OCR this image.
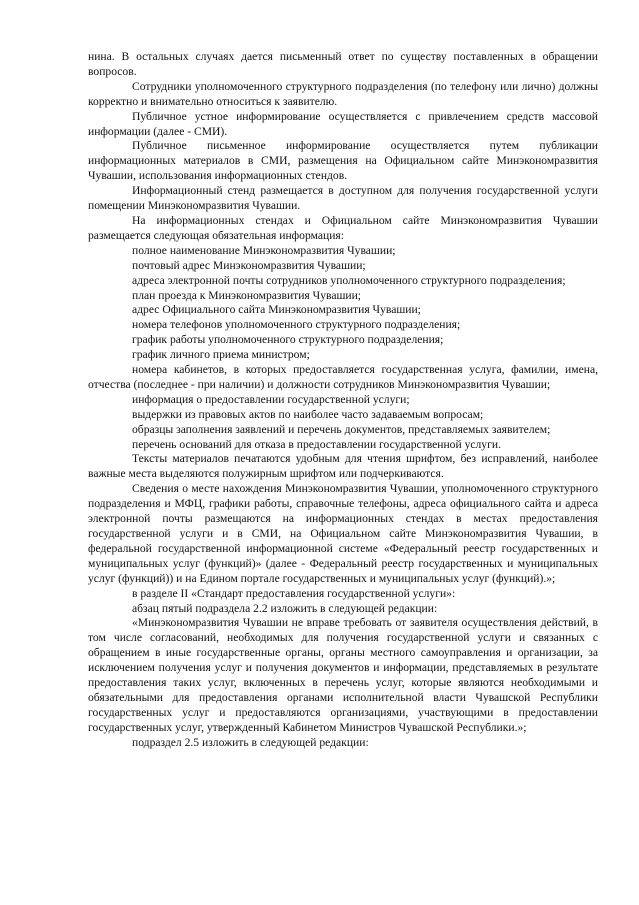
нина. В остальных случаях дается письменный ответ по существу поставленных в обращении вопросов.

Сотрудники уполномоченного структурного подразделения (по телефону или лично) должны корректно и внимательно относиться к заявителю.

Публичное устное информирование осуществляется с привлечением средств массовой информации (далее - СМИ).

Публичное письменное информирование осуществляется путем публикации информационных материалов в СМИ, размещения на Официальном сайте Минэкономразвития Чувашии, использования информационных стендов.

Информационный стенд размещается в доступном для получения государственной услуги помещении Минэкономразвития Чувашии.

На информационных стендах и Официальном сайте Минэкономразвития Чувашии размещается следующая обязательная информация:

полное наименование Минэкономразвития Чувашии;

почтовый адрес Минэкономразвития Чувашии;

адреса электронной почты сотрудников уполномоченного структурного подразделения;

план проезда к Минэкономразвития Чувашии;

адрес Официального сайта Минэкономразвития Чувашии;

номера телефонов уполномоченного структурного подразделения;

график работы уполномоченного структурного подразделения;

график личного приема министром;

номера кабинетов, в которых предоставляется государственная услуга, фамилии, имена, отчества (последнее - при наличии) и должности сотрудников Минэкономразвития Чувашии;

информация о предоставлении государственной услуги;

выдержки из правовых актов по наиболее часто задаваемым вопросам;

образцы заполнения заявлений и перечень документов, представляемых заявителем;

перечень оснований для отказа в предоставлении государственной услуги.

Тексты материалов печатаются удобным для чтения шрифтом, без исправлений, наиболее важные места выделяются полужирным шрифтом или подчеркиваются.

Сведения о месте нахождения Минэкономразвития Чувашии, уполномоченного структурного подразделения и МФЦ, графики работы, справочные телефоны, адреса официального сайта и адреса электронной почты размещаются на информационных стендах в местах предоставления государственной услуги и в СМИ, на Официальном сайте Минэкономразвития Чувашии, в федеральной государственной информационной системе «Федеральный реестр государственных и муниципальных услуг (функций)» (далее - Федеральный реестр государственных и муниципальных услуг (функций)) и на Едином портале государственных и муниципальных услуг (функций).»;

в разделе II «Стандарт предоставления государственной услуги»:

абзац пятый подраздела 2.2 изложить в следующей редакции:

«Минэкономразвития Чувашии не вправе требовать от заявителя осуществления действий, в том числе согласований, необходимых для получения государственной услуги и связанных с обращением в иные государственные органы, органы местного самоуправления и организации, за исключением получения услуг и получения документов и информации, представляемых в результате предоставления таких услуг, включенных в перечень услуг, которые являются необходимыми и обязательными для предоставления органами исполнительной власти Чувашской Республики государственных услуг и предоставляются организациями, участвующими в предоставлении государственных услуг, утвержденный Кабинетом Министров Чувашской Республики.»;

подраздел 2.5 изложить в следующей редакции:
